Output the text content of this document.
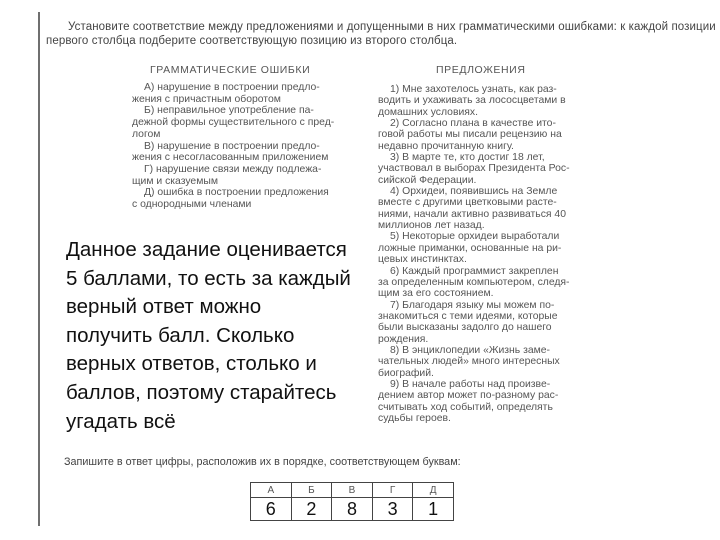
Установите соответствие между предложениями и допущенными в них грамматическими ошибками: к каждой позиции
первого столбца подберите соответствующую позицию из второго столбца.
ГРАММАТИЧЕСКИЕ ОШИБКИ	ПРЕДЛОЖЕНИЯ
А) нарушение в построении предло-
жения с причастным оборотом
Б) неправильное употребление па-
дежной формы существительного с пред-
логом
В) нарушение в построении предло-
жения с несогласованным приложением
Г) нарушение связи между подлежа-
щим и сказуемым
Д) ошибка в построении предложения
с однородными членами
1) Мне захотелось узнать, как раз-
водить и ухаживать за лососцветами в
домашних условиях.
2) Согласно плана в качестве ито-
говой работы мы писали рецензию на
недавно прочитанную книгу.
3) В марте те, кто достиг 18 лет,
участвовал в выборах Президента Рос-
сийской Федерации.
4) Орхидеи, появившись на Земле
вместе с другими цветковыми расте-
ниями, начали активно развиваться 40
миллионов лет назад.
5) Некоторые орхидеи выработали
ложные приманки, основанные на ри-
цевых инстинктах.
6) Каждый программист закреплен
за определенным компьютером, следя-
щим за его состоянием.
7) Благодаря языку мы можем по-
знакомиться с теми идеями, которые
были высказаны задолго до нашего
рождения.
8) В энциклопедии «Жизнь заме-
чательных людей» много интересных
биографий.
9) В начале работы над произве-
дением автор может по-разному рас-
считывать ход событий, определять
судьбы героев.
Данное задание оценивается
5 баллами, то есть за каждый
верный ответ можно
получить балл. Сколько
верных ответов, столько и
баллов, поэтому старайтесь
угадать всё
Запишите в ответ цифры, расположив их в порядке, соответствующем буквам:
А	Б	В	Г	Д
6	2	8	3	1
